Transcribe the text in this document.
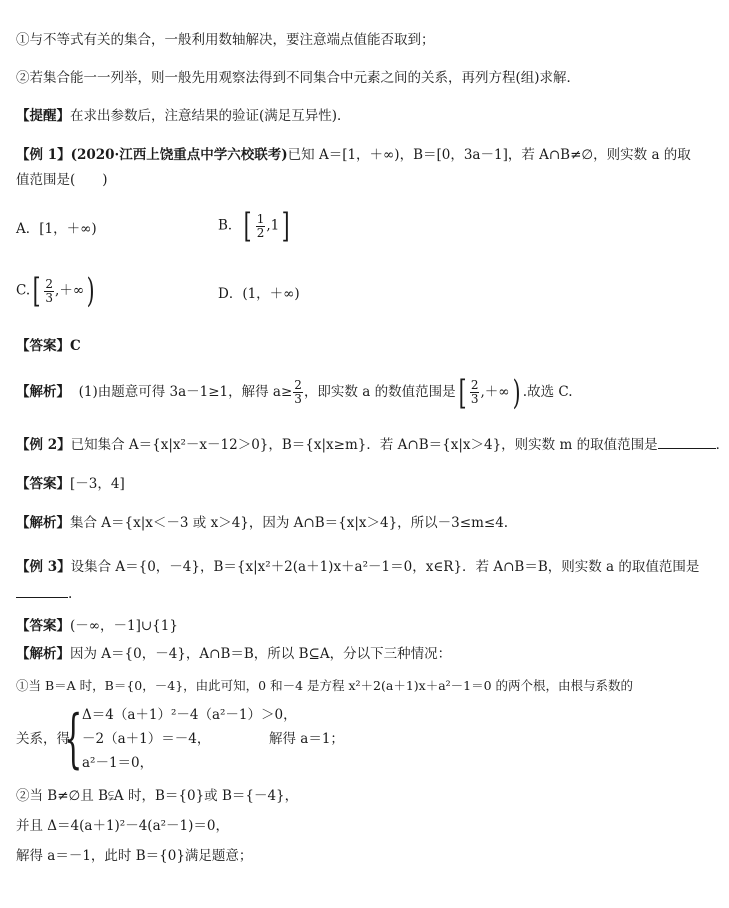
①与不等式有关的集合，一般利用数轴解决，要注意端点值能否取到；
②若集合能一一列举，则一般先用观察法得到不同集合中元素之间的关系，再列方程(组)求解．
【提醒】在求出参数后，注意结果的验证(满足互异性)．
【例 1】(2020·江西上饶重点中学六校联考)已知 A＝[1，＋∞)，B＝[0，3a－1]，若 A∩B≠∅，则实数 a 的取
值范围是(　　)
A．[1，＋∞)	B．[ $\frac{1}{2} ,1$]
$C.[ \frac{2}{3}$ ,＋∞)	D．(1，＋∞)
【答案】C
【解析】 (1)由题意可得 3a－1≥1，解得 $a\ge \frac{2}{3}$ ，即实数 a 的数值范围是[ $\frac{2}{3}$ ,＋∞) .故选 C.
【例 2】已知集合 A＝{x|x²－x－12＞0}，B＝{x|x≥m}．若 A∩B＝{x|x＞4}，则实数 m 的取值范围是	．
【答案】[－3，4]
【解析】集合 A＝{x|x＜－3 或 x＞4}，因为 A∩B＝{x|x＞4}，所以－3≤m≤4.
【例 3】设集合 A＝{0，－4}，B＝{x|x²＋2(a＋1)x＋a²－1＝0，x∈R}．若 A∩B＝B，则实数 a 的取值范围是
.
【答案】(－∞，－1]∪{1}
【解析】因为 A＝{0，－4}，A∩B＝B，所以 B⊆A，分以下三种情况：
①当 B＝A 时，B＝{0，－4}，由此可知，0 和－4 是方程 x²＋2(a＋1)x＋a²－1＝0 的两个根，由根与系数的
关系，得
{ Δ＝4（a＋1）²－4（a²－1）＞0，
－2（a＋1）＝－4，
a²－1＝0，
解得 a＝1；
②当 B≠∅且 B⫋A 时，B＝{0}或 B＝{－4}，
并且 Δ＝4(a＋1)²－4(a²－1)＝0，
解得 a＝－1，此时 B＝{0}满足题意；
